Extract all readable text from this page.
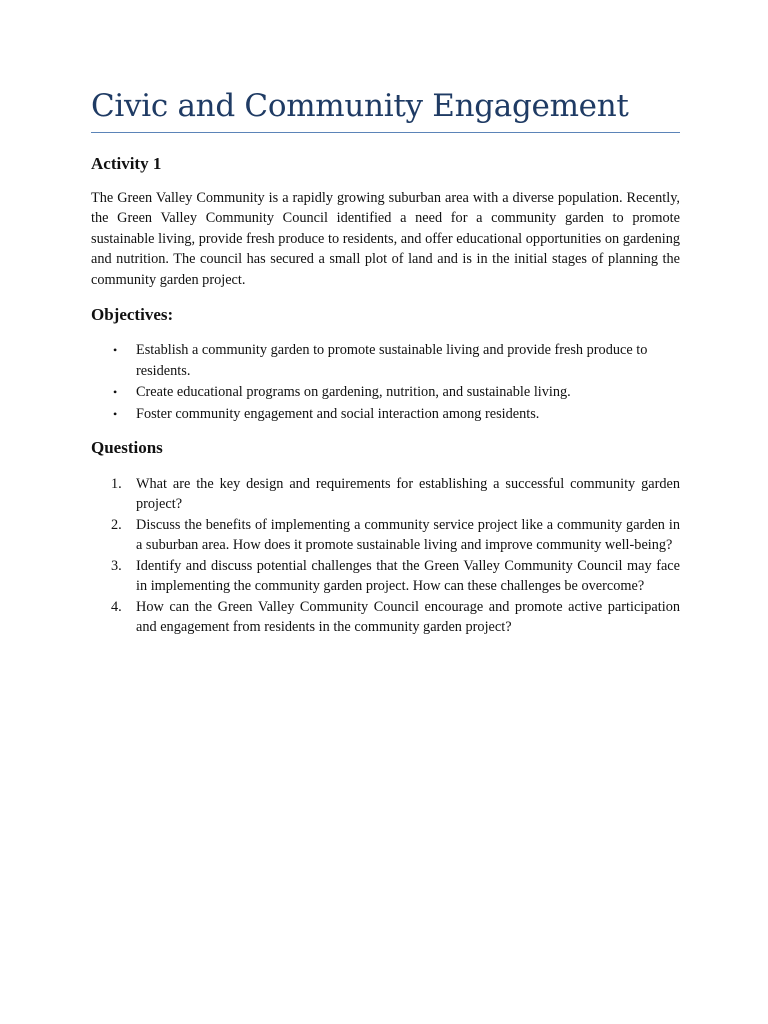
Civic and Community Engagement
Activity 1

The Green Valley Community is a rapidly growing suburban area with a diverse population. Recently, the Green Valley Community Council identified a need for a community garden to promote sustainable living, provide fresh produce to residents, and offer educational opportunities on gardening and nutrition. The council has secured a small plot of land and is in the initial stages of planning the community garden project.

Objectives:
• Establish a community garden to promote sustainable living and provide fresh produce to residents.
• Create educational programs on gardening, nutrition, and sustainable living.
• Foster community engagement and social interaction among residents.
Questions
1. What are the key design and requirements for establishing a successful community garden project?
2. Discuss the benefits of implementing a community service project like a community garden in a suburban area. How does it promote sustainable living and improve community well-being?
3. Identify and discuss potential challenges that the Green Valley Community Council may face in implementing the community garden project. How can these challenges be overcome?
4. How can the Green Valley Community Council encourage and promote active participation and engagement from residents in the community garden project?
